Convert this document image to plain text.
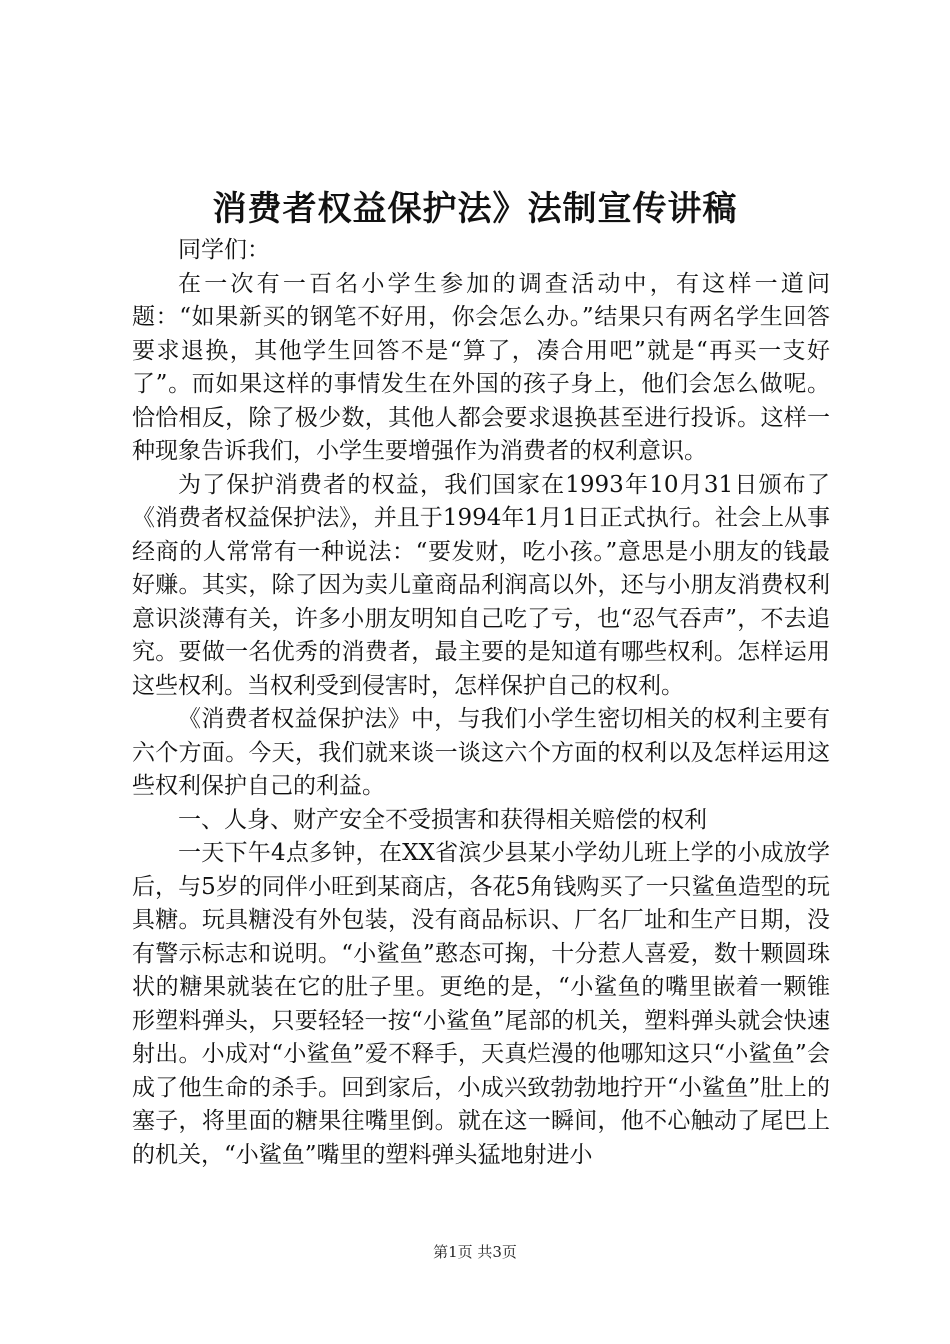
消费者权益保护法》法制宣传讲稿

同学们：

在一次有一百名小学生参加的调查活动中，有这样一道问题：“如果新买的钢笔不好用，你会怎么办。”结果只有两名学生回答要求退换，其他学生回答不是“算了，凑合用吧”就是“再买一支好了”。而如果这样的事情发生在外国的孩子身上，他们会怎么做呢。恰恰相反，除了极少数，其他人都会要求退换甚至进行投诉。这样一种现象告诉我们，小学生要增强作为消费者的权利意识。

为了保护消费者的权益，我们国家在1993年10月31日颁布了《消费者权益保护法》，并且于1994年1月1日正式执行。社会上从事经商的人常常有一种说法：“要发财，吃小孩。”意思是小朋友的钱最好赚。其实，除了因为卖儿童商品利润高以外，还与小朋友消费权利意识淡薄有关，许多小朋友明知自己吃了亏，也“忍气吞声”，不去追究。要做一名优秀的消费者，最主要的是知道有哪些权利。怎样运用这些权利。当权利受到侵害时，怎样保护自己的权利。

《消费者权益保护法》中，与我们小学生密切相关的权利主要有六个方面。今天，我们就来谈一谈这六个方面的权利以及怎样运用这些权利保护自己的利益。

一、人身、财产安全不受损害和获得相关赔偿的权利

一天下午4点多钟，在XX省滨少县某小学幼儿班上学的小成放学后，与5岁的同伴小旺到某商店，各花5角钱购买了一只鲨鱼造型的玩具糖。玩具糖没有外包装，没有商品标识、厂名厂址和生产日期，没有警示标志和说明。“小鲨鱼”憨态可掬，十分惹人喜爱，数十颗圆珠状的糖果就装在它的肚子里。更绝的是，“小鲨鱼的嘴里嵌着一颗锥形塑料弹头，只要轻轻一按“小鲨鱼”尾部的机关，塑料弹头就会快速射出。小成对“小鲨鱼”爱不释手，天真烂漫的他哪知这只“小鲨鱼”会成了他生命的杀手。回到家后，小成兴致勃勃地拧开“小鲨鱼”肚上的塞子，将里面的糖果往嘴里倒。就在这一瞬间，他不心触动了尾巴上的机关，“小鲨鱼”嘴里的塑料弹头猛地射进小

第1页 共3页
